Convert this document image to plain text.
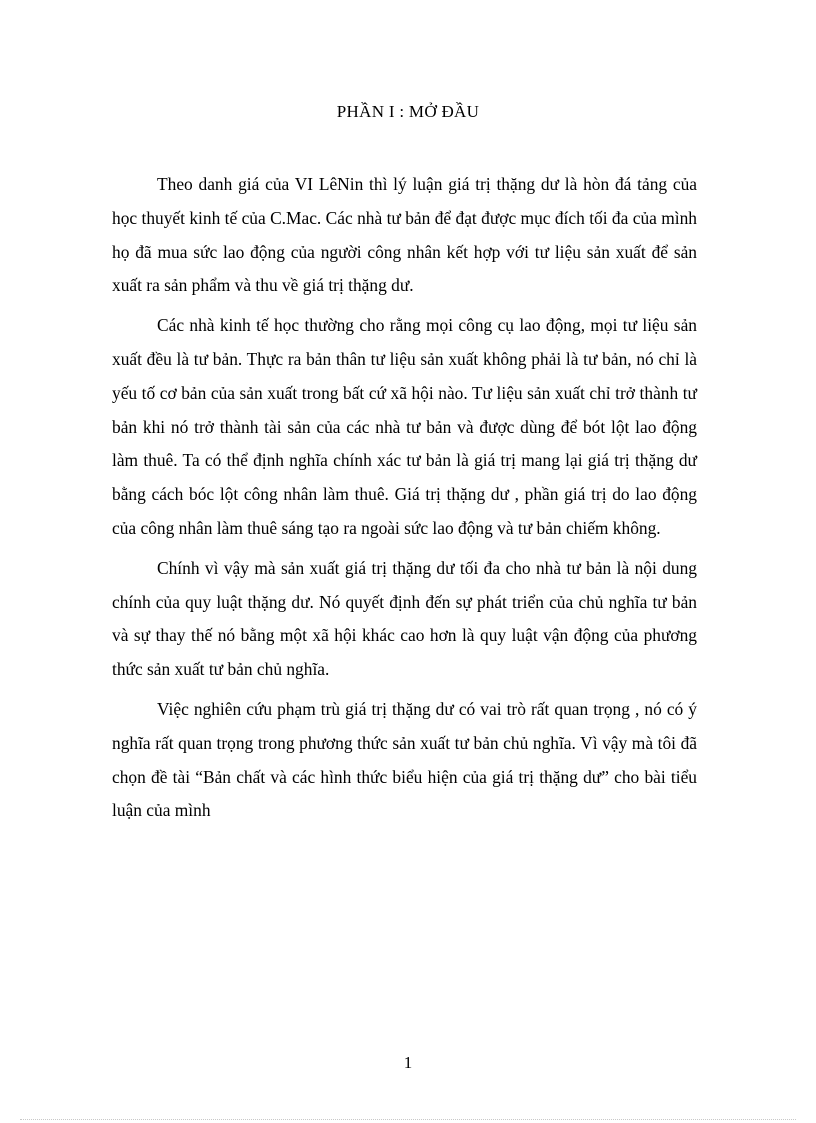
PHẦN I : MỞ ĐẦU

Theo danh giá của VI LêNin thì lý luận giá trị thặng dư là hòn đá tảng của học thuyết kinh tế của C.Mac. Các nhà tư bản để đạt được mục đích tối đa của mình họ đã mua sức lao động của người công nhân kết hợp với tư liệu sản xuất để sản xuất ra sản phẩm và thu về giá trị thặng dư.

Các nhà kinh tế học thường cho rằng mọi công cụ lao động, mọi tư liệu sản xuất đều là tư bản. Thực ra bản thân tư liệu sản xuất không phải là tư bản, nó chỉ là yếu tố cơ bản của sản xuất trong bất cứ xã hội nào. Tư liệu sản xuất chỉ trở thành tư bản khi nó trở thành tài sản của các nhà tư bản và được dùng để bót lột lao động làm thuê. Ta có thể định nghĩa chính xác tư bản là giá trị mang lại giá trị thặng dư bằng cách bóc lột công nhân làm thuê. Giá trị thặng dư , phần giá trị do lao động của công nhân làm thuê sáng tạo ra ngoài sức lao động và tư bản chiếm không.

Chính vì vậy mà sản xuất giá trị thặng dư tối đa cho nhà tư bản là nội dung chính của quy luật thặng dư. Nó quyết định đến sự phát triển của chủ nghĩa tư bản và sự thay thế nó bằng một xã hội khác cao hơn là quy luật vận động của phương thức sản xuất tư bản chủ nghĩa.

Việc nghiên cứu phạm trù giá trị thặng dư có vai trò rất quan trọng , nó có ý nghĩa rất quan trọng trong phương thức sản xuất tư bản chủ nghĩa. Vì vậy mà tôi đã chọn đề tài “Bản chất và các hình thức biểu hiện của giá trị thặng dư” cho bài tiểu luận của mình

1
